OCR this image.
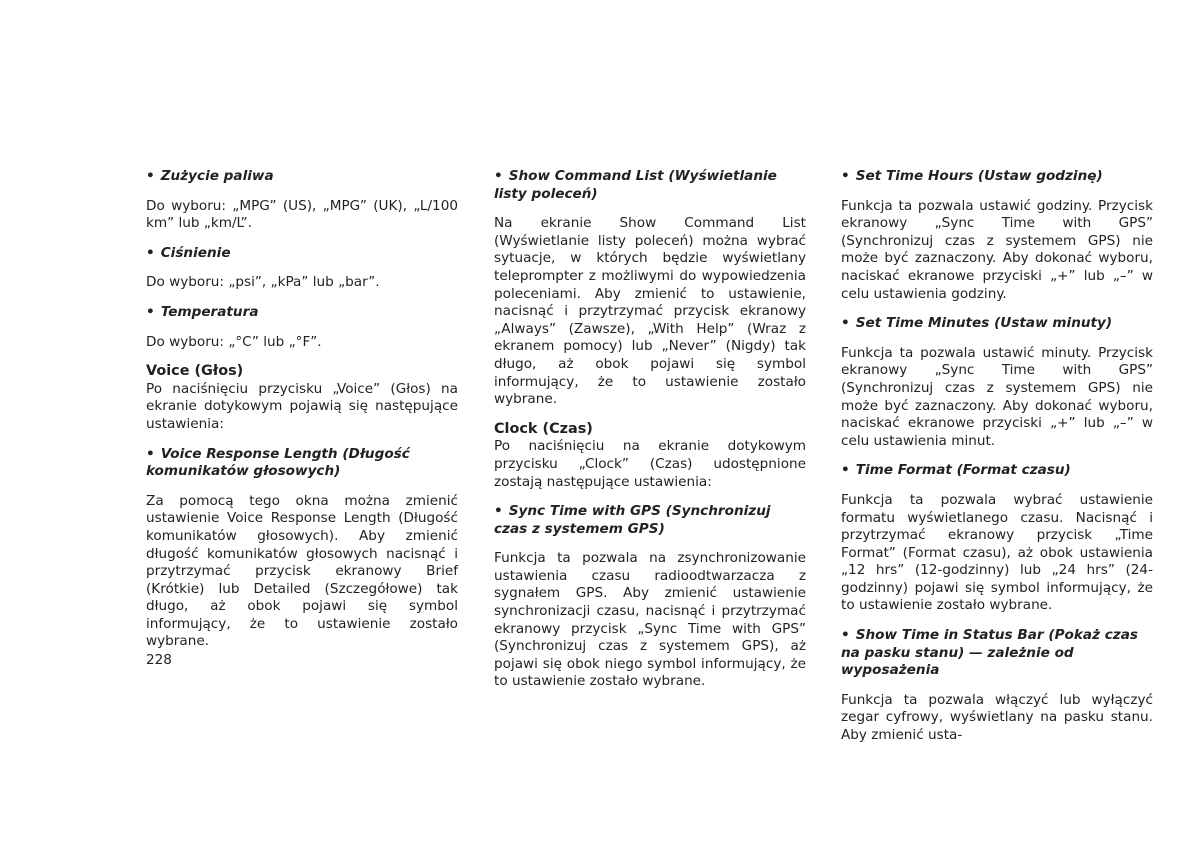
• Zużycie paliwa

Do wyboru: „MPG” (US), „MPG” (UK), „L/100 km” lub „km/L”.

• Ciśnienie

Do wyboru: „psi”, „kPa” lub „bar”.

• Temperatura

Do wyboru: „°C” lub „°F”.

Voice (Głos)

Po naciśnięciu przycisku „Voice” (Głos) na ekranie dotykowym pojawią się następujące ustawienia:

• Voice Response Length (Długość komunikatów głosowych)

Za pomocą tego okna można zmienić ustawienie Voice Response Length (Długość komunikatów głosowych). Aby zmienić długość komunikatów głosowych nacisnąć i przytrzymać przycisk ekranowy Brief (Krótkie) lub Detailed (Szczegółowe) tak długo, aż obok pojawi się symbol informujący, że to ustawienie zostało wybrane.

• Show Command List (Wyświetlanie listy poleceń)

Na ekranie Show Command List (Wyświetlanie listy poleceń) można wybrać sytuacje, w których będzie wyświetlany teleprompter z możliwymi do wypowiedzenia poleceniami. Aby zmienić to ustawienie, nacisnąć i przytrzymać przycisk ekranowy „Always” (Zawsze), „With Help” (Wraz z ekranem pomocy) lub „Never” (Nigdy) tak długo, aż obok pojawi się symbol informujący, że to ustawienie zostało wybrane.

Clock (Czas)

Po naciśnięciu na ekranie dotykowym przycisku „Clock” (Czas) udostępnione zostają następujące ustawienia:

• Sync Time with GPS (Synchronizuj czas z systemem GPS)

Funkcja ta pozwala na zsynchronizowanie ustawienia czasu radioodtwarzacza z sygnałem GPS. Aby zmienić ustawienie synchronizacji czasu, nacisnąć i przytrzymać ekranowy przycisk „Sync Time with GPS” (Synchronizuj czas z systemem GPS), aż pojawi się obok niego symbol informujący, że to ustawienie zostało wybrane.

• Set Time Hours (Ustaw godzinę)

Funkcja ta pozwala ustawić godziny. Przycisk ekranowy „Sync Time with GPS” (Synchronizuj czas z systemem GPS) nie może być zaznaczony. Aby dokonać wyboru, naciskać ekranowe przyciski „+” lub „–” w celu ustawienia godziny.

• Set Time Minutes (Ustaw minuty)

Funkcja ta pozwala ustawić minuty. Przycisk ekranowy „Sync Time with GPS” (Synchronizuj czas z systemem GPS) nie może być zaznaczony. Aby dokonać wyboru, naciskać ekranowe przyciski „+” lub „–” w celu ustawienia minut.

• Time Format (Format czasu)

Funkcja ta pozwala wybrać ustawienie formatu wyświetlanego czasu. Nacisnąć i przytrzymać ekranowy przycisk „Time Format” (Format czasu), aż obok ustawienia „12 hrs” (12-godzinny) lub „24 hrs” (24-godzinny) pojawi się symbol informujący, że to ustawienie zostało wybrane.

• Show Time in Status Bar (Pokaż czas na pasku stanu) — zależnie od wyposażenia

Funkcja ta pozwala włączyć lub wyłączyć zegar cyfrowy, wyświetlany na pasku stanu. Aby zmienić usta-

228
